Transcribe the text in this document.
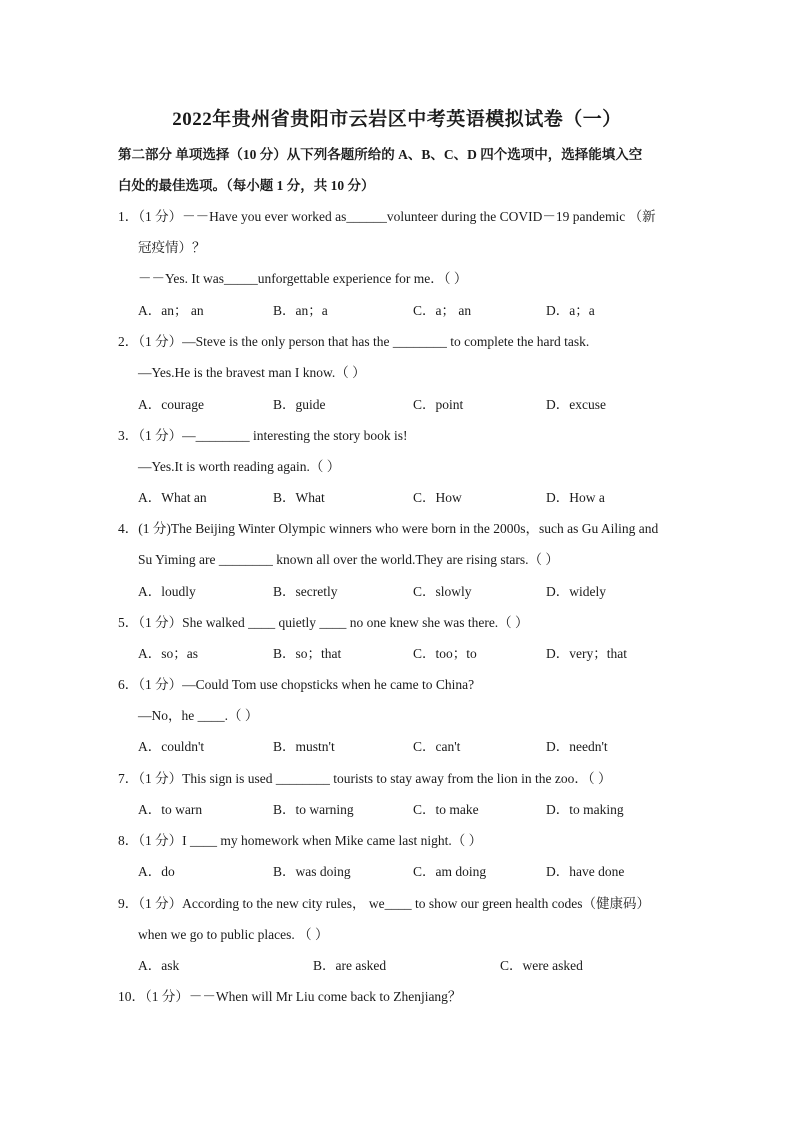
2022年贵州省贵阳市云岩区中考英语模拟试卷（一）
第二部分 单项选择（10 分）从下列各题所给的 A、B、C、D 四个选项中，选择能填入空
白处的最佳选项。（每小题 1 分，共 10 分）
1．（1 分）－－Have you ever worked as______volunteer during the COVID－19 pandemic （新
冠疫情）？
－－Yes. It was_____unforgettable experience for me．（ ）
A．an； an	B．an；a	C．a； an	D．a；a
2．（1 分）—Steve is the only person that has the ________ to complete the hard task.
—Yes.He is the bravest man I know.（ ）
A．courage	B．guide	C．point	D．excuse
3．（1 分）—________ interesting the story book is!
—Yes.It is worth reading again.（ ）
A．What an	B．What	C．How	D．How a
4．(1 分)The Beijing Winter Olympic winners who were born in the 2000s，such as Gu Ailing and
Su Yiming are ________ known all over the world.They are rising stars.（ ）
A．loudly	B．secretly	C．slowly	D．widely
5．（1 分）She walked ____ quietly ____ no one knew she was there.（ ）
A．so；as	B．so；that	C．too；to	D．very；that
6．（1 分）—Could Tom use chopsticks when he came to China?
—No，he ____.（ ）
A．couldn't	B．mustn't	C．can't	D．needn't
7．（1 分）This sign is used ________ tourists to stay away from the lion in the zoo．（ ）
A．to warn	B．to warning	C．to make	D．to making
8．（1 分）I ____ my homework when Mike came last night.（ ）
A．do	B．was doing	C．am doing	D．have done
9．（1 分）According to the new city rules， we____ to show our green health codes（健康码）
when we go to public places. （ ）
A．ask	B．are asked	C．were asked
10．（1 分）－－When will Mr Liu come back to Zhenjiang？
